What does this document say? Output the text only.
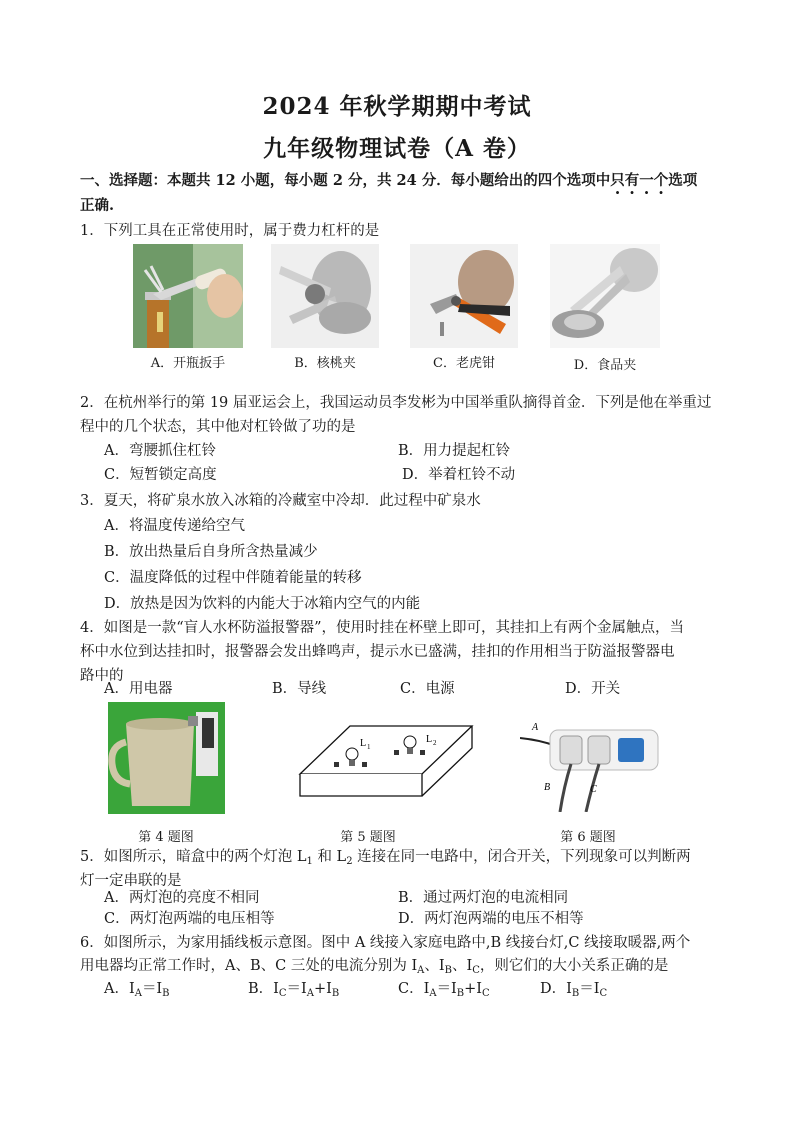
2024 年秋学期期中考试
九年级物理试卷（A 卷）
一、选择题：本题共 12 小题，每小题 2 分，共 24 分．每小题给出的四个选项中只有一个选项
正确.
1．下列工具在正常使用时，属于费力杠杆的是
A．开瓶扳手	B．核桃夹	C．老虎钳	D．食品夹
2．在杭州举行的第 19 届亚运会上，我国运动员李发彬为中国举重队摘得首金．下列是他在举重过
程中的几个状态，其中他对杠铃做了功的是
A．弯腰抓住杠铃	B．用力提起杠铃
C．短暂锁定高度	D．举着杠铃不动
3．夏天，将矿泉水放入冰箱的冷藏室中冷却．此过程中矿泉水
A．将温度传递给空气
B．放出热量后自身所含热量减少
C．温度降低的过程中伴随着能量的转移
D．放热是因为饮料的内能大于冰箱内空气的内能
4．如图是一款“盲人水杯防溢报警器”，使用时挂在杯壁上即可，其挂扣上有两个金属触点，当
杯中水位到达挂扣时，报警器会发出蜂鸣声，提示水已盛满，挂扣的作用相当于防溢报警器电
路中的
A．用电器	B．导线	C．电源	D．开关
L 1
L 2
A
B	C
第 4 题图	第 5 题图	第 6 题图
5．如图所示，暗盒中的两个灯泡 $L_1$ 和 $L_2$ 连接在同一电路中，闭合开关，下列现象可以判断两
灯一定串联的是
A．两灯泡的亮度不相同	B．通过两灯泡的电流相同
C．两灯泡两端的电压相等	D．两灯泡两端的电压不相等
6．如图所示，为家用插线板示意图。图中 A 线接入家庭电路中,B 线接台灯,C 线接取暖器,两个
用电器均正常工作时，A、B、C 三处的电流分别为 $I_A$、$I_B$、$I_C$，则它们的大小关系正确的是
A．$I_A=I_B$	B．$I_C=I_A+I_B$	C．$I_A=I_B+I_C$	D．$I_B=I_C$
